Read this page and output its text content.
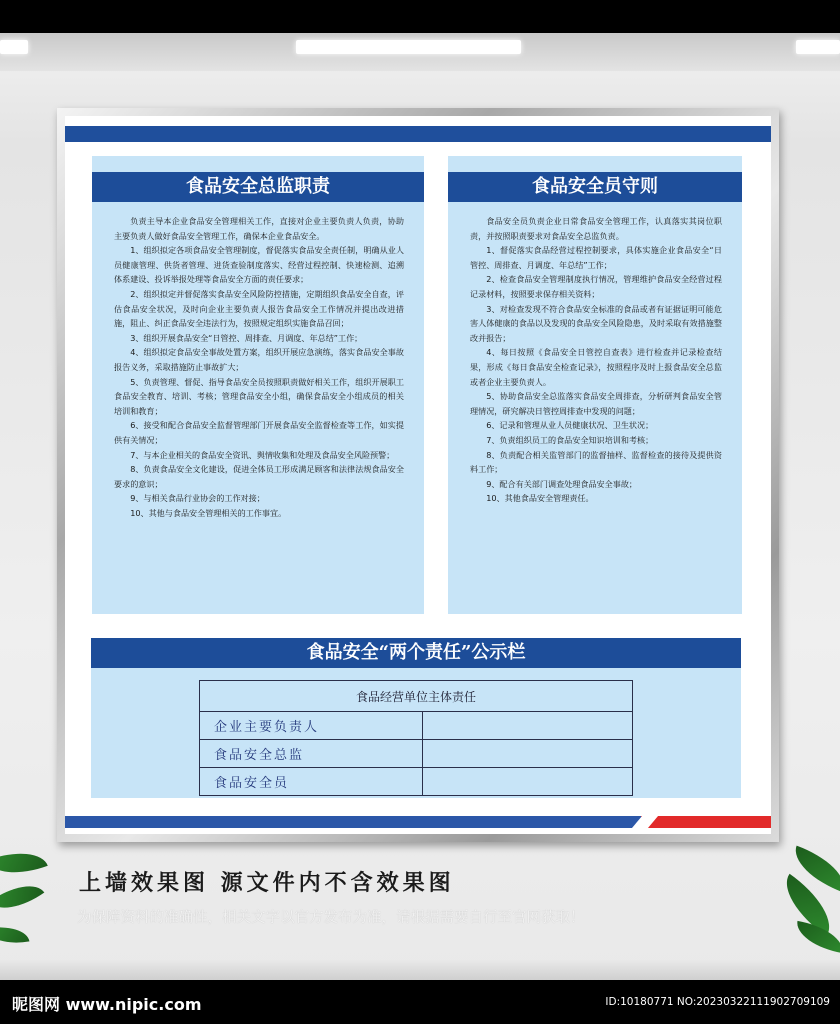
食品安全总监职责

负责主导本企业食品安全管理相关工作，直接对企业主要负责人负责，协助主要负责人做好食品安全管理工作，确保本企业食品安全。

1、组织拟定各项食品安全管理制度，督促落实食品安全责任制，明确从业人员健康管理、供货者管理、进货查验制度落实、经营过程控制、快速检测、追溯体系建设、投诉举报处理等食品安全方面的责任要求；

2、组织拟定并督促落实食品安全风险防控措施，定期组织食品安全自查，评估食品安全状况，及时向企业主要负责人报告食品安全工作情况并提出改进措施，阻止、纠正食品安全违法行为，按照规定组织实施食品召回；

3、组织开展食品安全“日管控、周排查、月调度、年总结”工作；

4、组织拟定食品安全事故处置方案，组织开展应急演练，落实食品安全事故报告义务，采取措施防止事故扩大；

5、负责管理、督促、指导食品安全员按照职责做好相关工作，组织开展职工食品安全教育、培训、考核；管理食品安全小组，确保食品安全小组成员的相关培训和教育；

6、接受和配合食品安全监督管理部门开展食品安全监督检查等工作，如实提供有关情况；

7、与本企业相关的食品安全资讯、舆情收集和处理及食品安全风险预警；

8、负责食品安全文化建设，促进全体员工形成满足顾客和法律法规食品安全要求的意识；

9、与相关食品行业协会的工作对接；

10、其他与食品安全管理相关的工作事宜。

食品安全员守则

食品安全员负责企业日常食品安全管理工作，认真落实其岗位职责，并按照职责要求对食品安全总监负责。

1、督促落实食品经营过程控制要求，具体实施企业食品安全“日管控、周排查、月调度、年总结”工作；

2、检查食品安全管理制度执行情况，管理维护食品安全经营过程记录材料，按照要求保存相关资料；

3、对检查发现不符合食品安全标准的食品或者有证据证明可能危害人体健康的食品以及发现的食品安全风险隐患，及时采取有效措施整改并报告；

4、每日按照《食品安全日管控自查表》进行检查并记录检查结果，形成《每日食品安全检查记录》，按照程序及时上报食品安全总监或者企业主要负责人。

5、协助食品安全总监落实食品安全周排查，分析研判食品安全管理情况，研究解决日管控周排查中发现的问题；

6、记录和管理从业人员健康状况、卫生状况；

7、负责组织员工的食品安全知识培训和考核；

8、负责配合相关监管部门的监督抽样、监督检查的接待及提供资料工作；

9、配合有关部门调查处理食品安全事故；

10、其他食品安全管理责任。

食品安全“两个责任”公示栏
食品经营单位主体责任	
企业主要负责人	
食品安全总监	
食品安全员	
上墙效果图 源文件内不含效果图
为保障资料的准确性，相关文字以官方发布为准，请根据需要自行至官网获取！
昵图网 www.nipic.com	ID:10180771 NO:20230322111902709109
